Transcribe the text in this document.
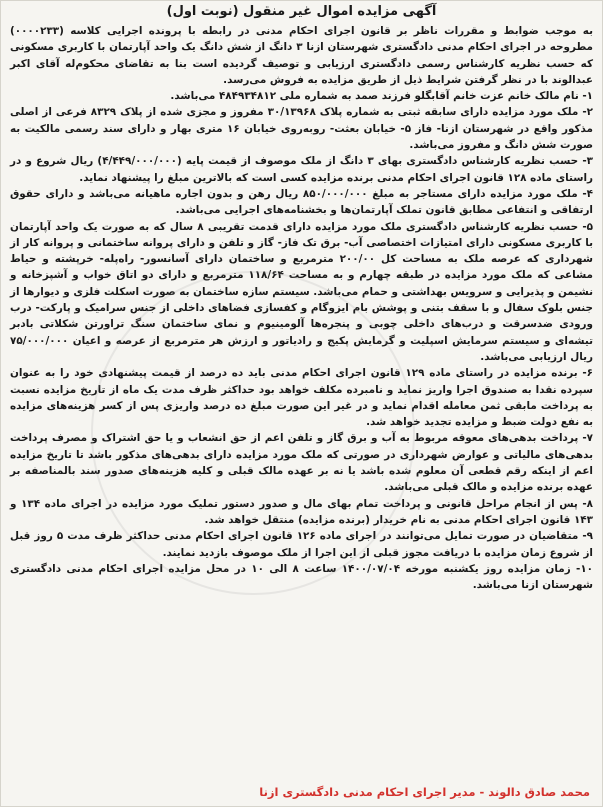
آگهی مزایده اموال غیر منقول (نوبت اول)

به موجب ضوابط و مقررات ناظر بر قانون اجرای احکام مدنی در رابطه با پرونده اجرایی کلاسه (۰۰۰۰۲۳۳) مطروحه در اجرای احکام مدنی دادگستری شهرستان ازنا ۳ دانگ از شش دانگ یک واحد آپارتمان با کاربری مسکونی که حسب نظریه کارشناس رسمی دادگستری ارزیابی و توصیف گردیده است بنا به تقاضای محکوم‌له آقای اکبر عبدالوند با در نظر گرفتن شرایط ذیل از طریق مزایده به فروش می‌رسد.

۱- نام مالک خانم عزت خانم آقابگلو فرزند صمد به شماره ملی ۴۸۴۹۳۴۸۱۲ می‌باشد.

۲- ملک مورد مزایده دارای سابقه ثبتی به شماره پلاک ۳۰/۱۳۹۶۸ مفروز و مجزی شده از پلاک ۸۳۲۹ فرعی از اصلی مذکور واقع در شهرستان ازنا- فاز ۵- خیابان بعثت- روبه‌روی خیابان ۱۶ متری بهار و دارای سند رسمی مالکیت به صورت شش دانگ و مفروز می‌باشد.

۳- حسب نظریه کارشناس دادگستری بهای ۳ دانگ از ملک موصوف از قیمت پایه (۴/۴۴۹/۰۰۰/۰۰۰) ریال شروع و در راستای ماده ۱۲۸ قانون اجرای احکام مدنی برنده مزایده کسی است که بالاترین مبلغ را پیشنهاد نماید.

۴- ملک مورد مزایده دارای مستاجر به مبلغ ۸۵۰/۰۰۰/۰۰۰ ریال رهن و بدون اجاره ماهیانه می‌باشد و دارای حقوق ارتفاقی و انتفاعی مطابق قانون تملک آپارتمان‌ها و بخشنامه‌های اجرایی می‌باشد.

۵- حسب نظریه کارشناس دادگستری ملک مورد مزایده دارای قدمت تقریبی ۸ سال که به صورت یک واحد آپارتمان با کاربری مسکونی دارای امتیازات اختصاصی آب- برق تک فاز- گاز و تلفن و دارای پروانه ساختمانی و پروانه کار از شهرداری که عرصه ملک به مساحت کل ۲۰۰/۰۰ مترمربع و ساختمان دارای آسانسور- راه‌پله- خرپشته و حیاط مشاعی که ملک مورد مزایده در طبقه چهارم و به مساحت ۱۱۸/۶۴ مترمربع و دارای دو اتاق خواب و آشپزخانه و نشیمن و پذیرایی و سرویس بهداشتی و حمام می‌باشد. سیستم سازه ساختمان به صورت اسکلت فلزی و دیوارها از جنس بلوک سفال و با سقف بتنی و پوشش بام ایزوگام و کفسازی فضاهای داخلی از جنس سرامیک و پارکت- درب ورودی ضدسرقت و درب‌های داخلی چوبی و پنجره‌ها آلومینیوم و نمای ساختمان سنگ تراورتن شکلاتی بادبر تیشه‌ای و سیستم سرمایش اسپلیت و گرمایش پکیج و رادیاتور و ارزش هر مترمربع از عرصه و اعیان ۷۵/۰۰۰/۰۰۰ ریال ارزیابی می‌باشد.

۶- برنده مزایده در راستای ماده ۱۲۹ قانون اجرای احکام مدنی باید ده درصد از قیمت پیشنهادی خود را به عنوان سپرده نقدا به صندوق اجرا واریز نماید و نامبرده مکلف خواهد بود حداکثر ظرف مدت یک ماه از تاریخ مزایده نسبت به پرداخت مابقی ثمن معامله اقدام نماید و در غیر این صورت مبلغ ده درصد واریزی پس از کسر هزینه‌های مزایده به نفع دولت ضبط و مزایده تجدید خواهد شد.

۷- پرداخت بدهی‌های معوقه مربوط به آب و برق گاز و تلفن اعم از حق انشعاب و یا حق اشتراک و مصرف پرداخت بدهی‌های مالیاتی و عوارض شهرداری در صورتی که ملک مورد مزایده دارای بدهی‌های مذکور باشد تا تاریخ مزایده اعم از اینکه رقم قطعی آن معلوم شده باشد یا نه بر عهده مالک قبلی و کلیه هزینه‌های صدور سند بالمناصفه بر عهده برنده مزایده و مالک قبلی می‌باشد.

۸- پس از انجام مراحل قانونی و پرداخت تمام بهای مال و صدور دستور تملیک مورد مزایده در اجرای ماده ۱۳۴ و ۱۴۳ قانون اجرای احکام مدنی به نام خریدار (برنده مزایده) منتقل خواهد شد.

۹- متقاضیان در صورت تمایل می‌توانند در اجرای ماده ۱۲۶ قانون اجرای احکام مدنی حداکثر ظرف مدت ۵ روز قبل از شروع زمان مزایده با دریافت مجوز قبلی از این اجرا از ملک موصوف بازدید نمایند.

۱۰- زمان مزایده روز یکشنبه مورخه ۱۴۰۰/۰۷/۰۴ ساعت ۸ الی ۱۰ در محل مزایده اجرای احکام مدنی دادگستری شهرستان ازنا می‌باشد.

محمد صادق دالوند - مدیر اجرای احکام مدنی دادگستری ازنا
